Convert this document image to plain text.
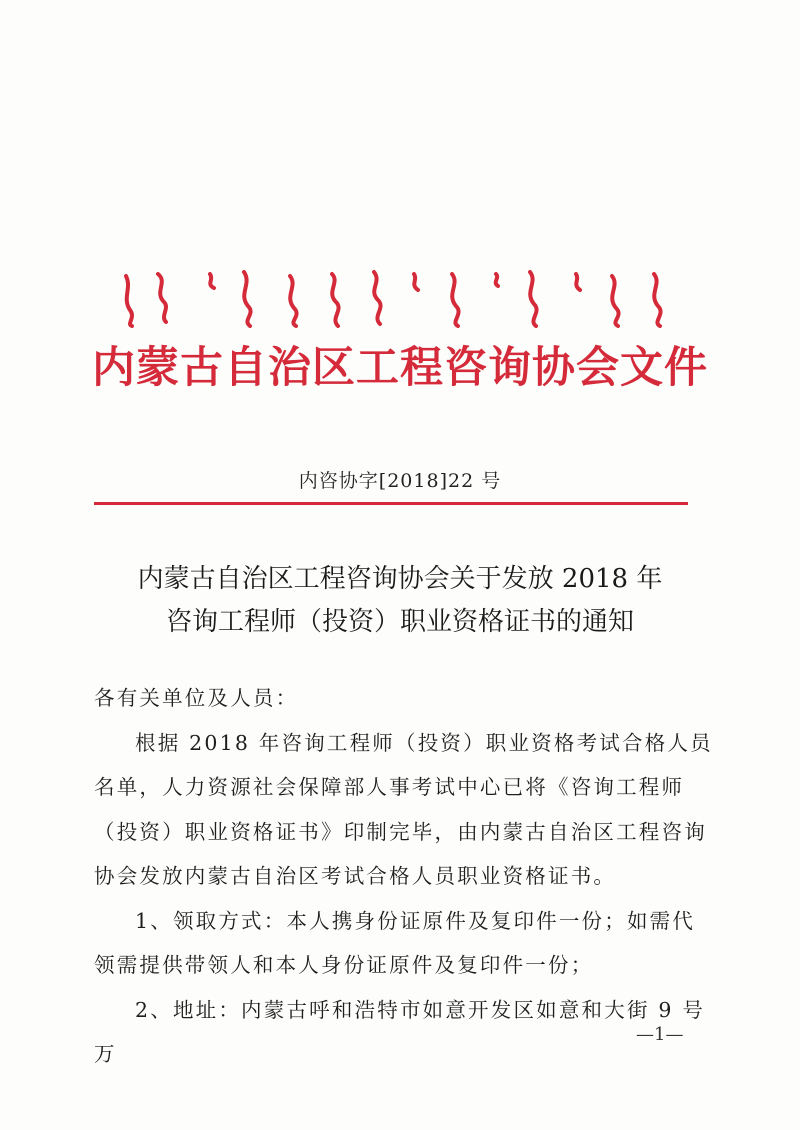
内蒙古自治区工程咨询协会文件
内咨协字[2018]22 号
内蒙古自治区工程咨询协会关于发放 2018 年
咨询工程师（投资）职业资格证书的通知

各有关单位及人员：

根据 2018 年咨询工程师（投资）职业资格考试合格人员名单，人力资源社会保障部人事考试中心已将《咨询工程师（投资）职业资格证书》印制完毕，由内蒙古自治区工程咨询协会发放内蒙古自治区考试合格人员职业资格证书。

1、领取方式：本人携身份证原件及复印件一份；如需代领需提供带领人和本人身份证原件及复印件一份；

2、地址：内蒙古呼和浩特市如意开发区如意和大街 9 号万

—1—
